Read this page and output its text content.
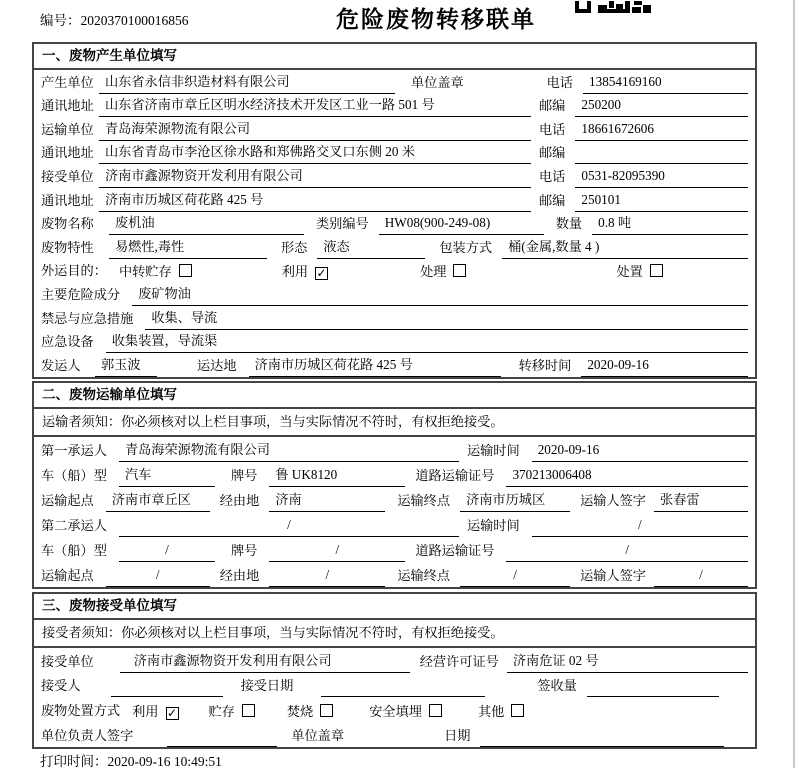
编号：2020370100016856	危险废物转移联单
一、废物产生单位填写
产生单位 山东省永信非织造材料有限公司	单位盖章	电话	13854169160
通讯地址 山东省济南市章丘区明水经济技术开发区工业一路 501 号	邮编	250200
运输单位 青岛海荣源物流有限公司	电话	18661672606
通讯地址 山东省青岛市李沧区徐水路和郑佛路交叉口东侧 20 米	邮编
接受单位 济南市鑫源物资开发利用有限公司	电话	0531-82095390
通讯地址 济南市历城区荷花路 425 号	邮编	250101
废物名称	废机油	类别编号	HW08(900-249-08)	数量	0.8 吨
废物特性	易燃性,毒性	形态	液态	包装方式	桶(金属,数量 4 )
外运目的： 中转贮存	利用 ✓	处理	处置
主要危险成分	废矿物油
禁忌与应急措施	收集、导流
应急设备	收集装置，导流渠
发运人	郭玉波	运达地	济南市历城区荷花路 425 号	转移时间	2020-09-16
二、废物运输单位填写
运输者须知：你必须核对以上栏目事项，当与实际情况不符时，有权拒绝接受。
第一承运人	青岛海荣源物流有限公司	运输时间	2020-09-16
车（船）型	汽车	牌号	鲁 UK8120	道路运输证号	370213006408
运输起点	济南市章丘区	经由地	济南	运输终点	济南市历城区	运输人签字	张春雷
第二承运人	/	运输时间	/
车（船）型	/	牌号	/	道路运输证号	/
运输起点	/	经由地	/	运输终点	/	运输人签字	/
三、废物接受单位填写
接受者须知：你必须核对以上栏目事项，当与实际情况不符时，有权拒绝接受。
接受单位	济南市鑫源物资开发利用有限公司	经营许可证号	济南危证 02 号
接受人	接受日期	签收量
废物处置方式 利用 ✓ 贮存	焚烧	安全填埋	其他
单位负责人签字	单位盖章	日期
打印时间：2020-09-16 10:49:51
